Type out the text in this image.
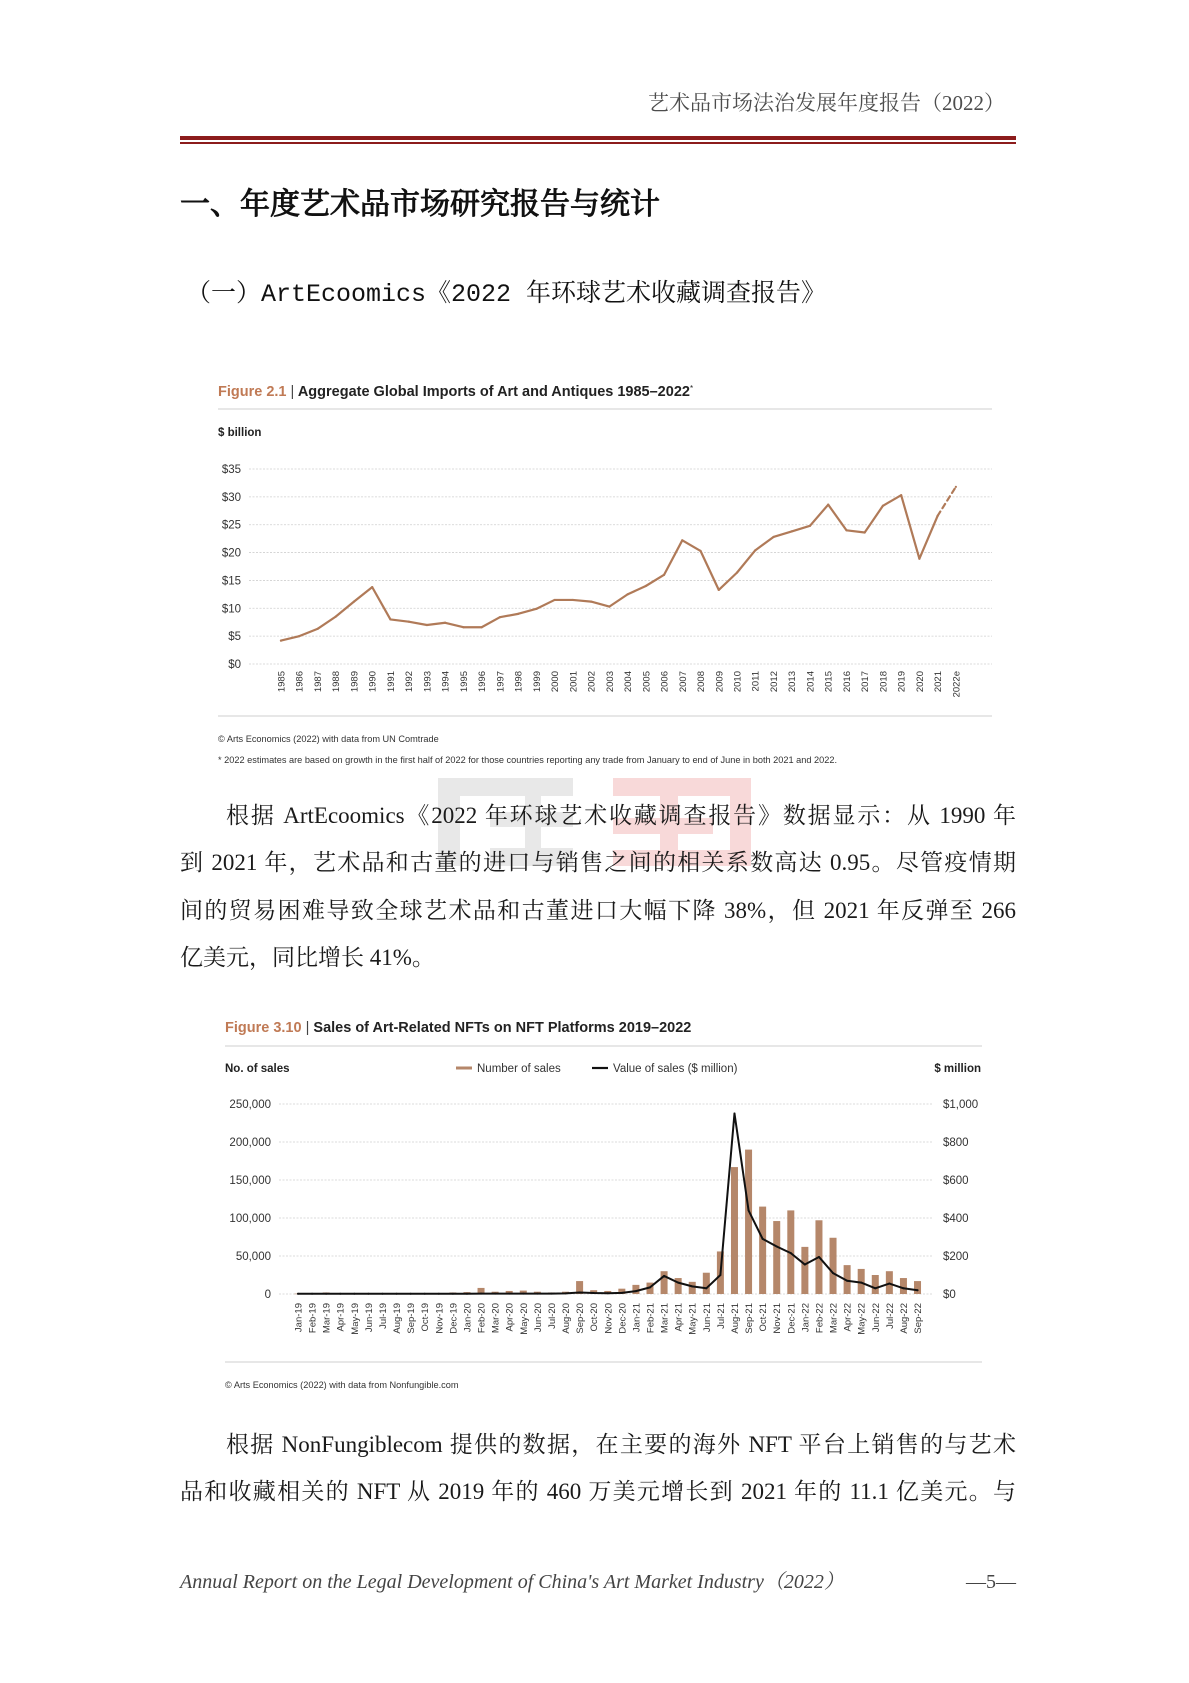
艺术品市场法治发展年度报告（2022）
一、年度艺术品市场研究报告与统计
（一）ArtEcoomics《2022 年环球艺术收藏调查报告》
Figure 2.1 | Aggregate Global Imports of Art and Antiques 1985–2022*
$ billion
$0
$5
$10
$15
$20
$25
$30
$35
1985 1986 1987 1988 1989 1990 1991 1992 1993 1994 1995 1996 1997 1998 1999 2000 2001 2002 2003 2004 2005 2006 2007 2008 2009 2010 2011 2012 2013 2014 2015 2016 2017 2018 2019 2020 2021 2022e
© Arts Economics (2022) with data from UN Comtrade
* 2022 estimates are based on growth in the first half of 2022 for those countries reporting any trade from January to end of June in both 2021 and 2022.
根据 ArtEcoomics《2022 年环球艺术收藏调查报告》数据显示：从 1990 年
到 2021 年，艺术品和古董的进口与销售之间的相关系数高达 0.95。尽管疫情期
间的贸易困难导致全球艺术品和古董进口大幅下降 38%，但 2021 年反弹至 266
亿美元，同比增长 41%。
Figure 3.10 | Sales of Art-Related NFTs on NFT Platforms 2019–2022
No. of sales	$ million
Number of sales	Value of sales ($ million)
0
50,000
100,000
150,000
200,000
250,000
$0
$200
$400
$600
$800
$1,000
Jan-19 Feb-19 Mar-19 Apr-19 May-19 Jun-19 Jul-19 Aug-19 Sep-19 Oct-19 Nov-19 Dec-19 Jan-20 Feb-20 Mar-20 Apr-20 May-20 Jun-20 Jul-20 Aug-20 Sep-20 Oct-20 Nov-20 Dec-20 Jan-21 Feb-21 Mar-21 Apr-21 May-21 Jun-21 Jul-21 Aug-21 Sep-21 Oct-21 Nov-21 Dec-21 Jan-22 Feb-22 Mar-22 Apr-22 May-22 Jun-22 Jul-22 Aug-22 Sep-22
© Arts Economics (2022) with data from Nonfungible.com
根据 NonFungiblecom 提供的数据，在主要的海外 NFT 平台上销售的与艺术
品和收藏相关的 NFT 从 2019 年的 460 万美元增长到 2021 年的 11.1 亿美元。与
Annual Report on the Legal Development of China's Art Market Industry（2022）	—5—
